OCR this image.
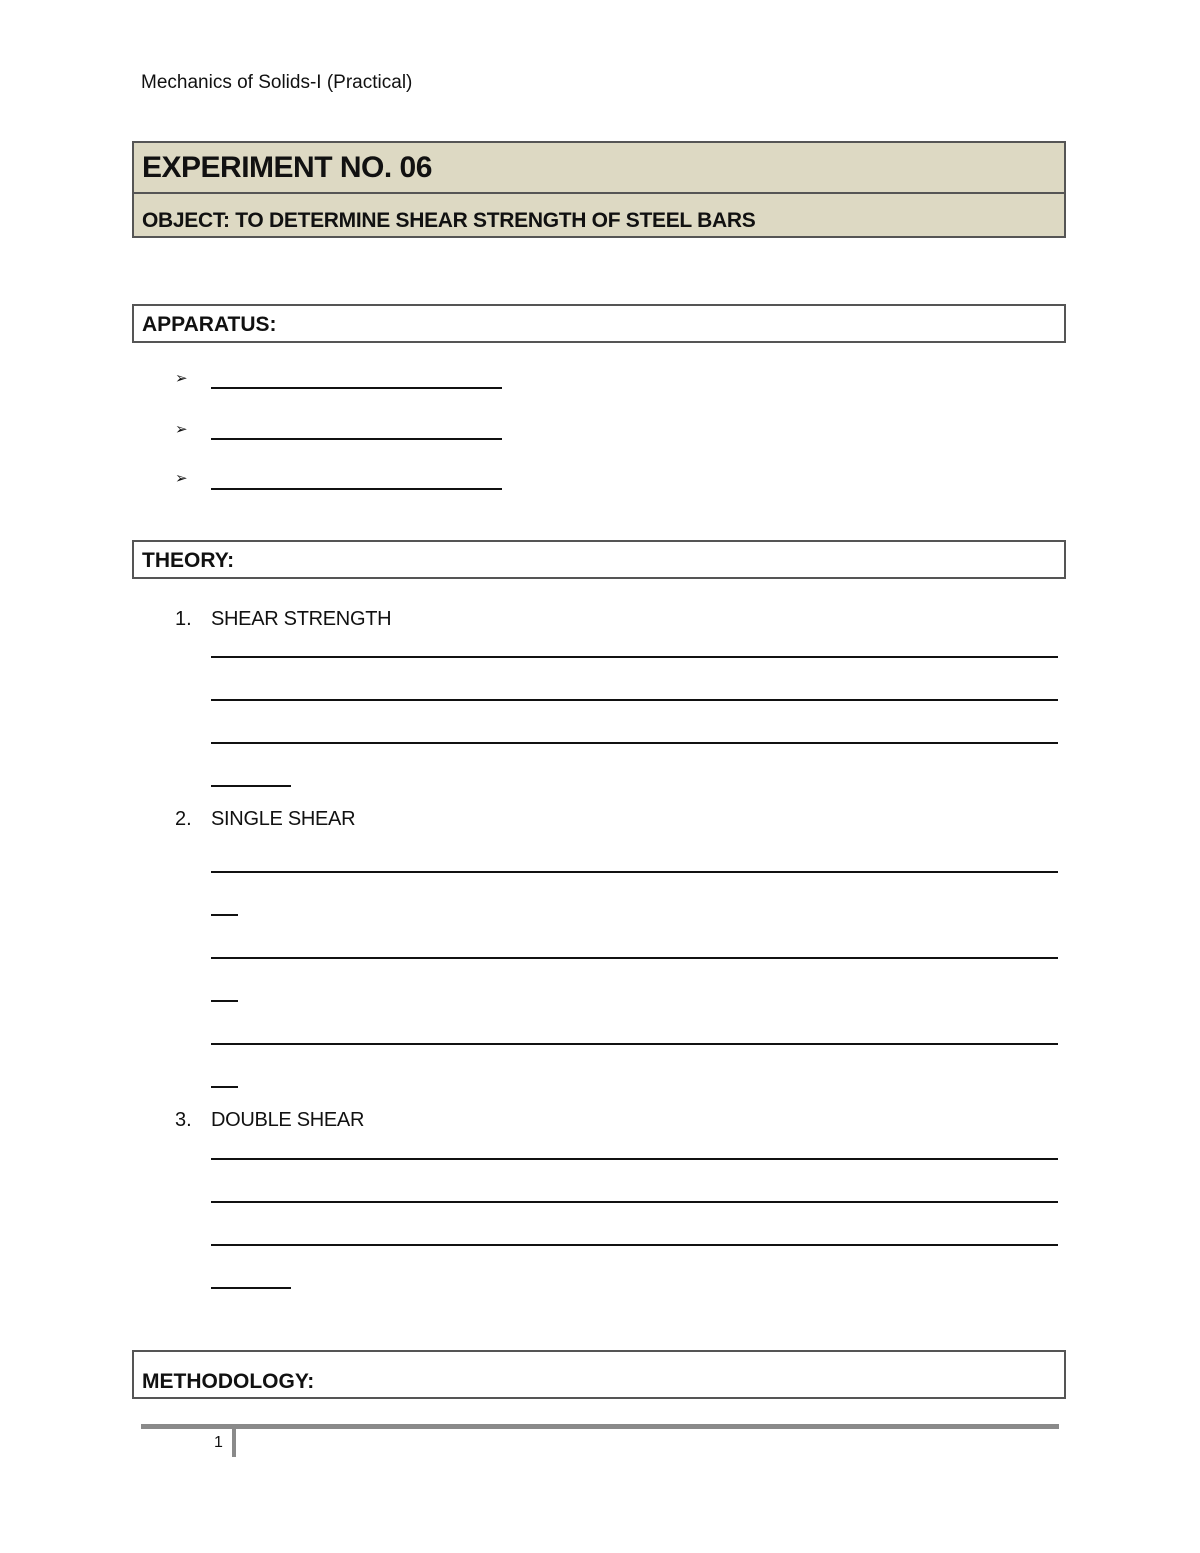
Mechanics of Solids-I (Practical)
EXPERIMENT NO. 06
OBJECT: TO DETERMINE SHEAR STRENGTH OF STEEL BARS
APPARATUS:
➢
➢
➢
THEORY:
1. SHEAR STRENGTH
2. SINGLE SHEAR
3. DOUBLE SHEAR
METHODOLOGY:
1
